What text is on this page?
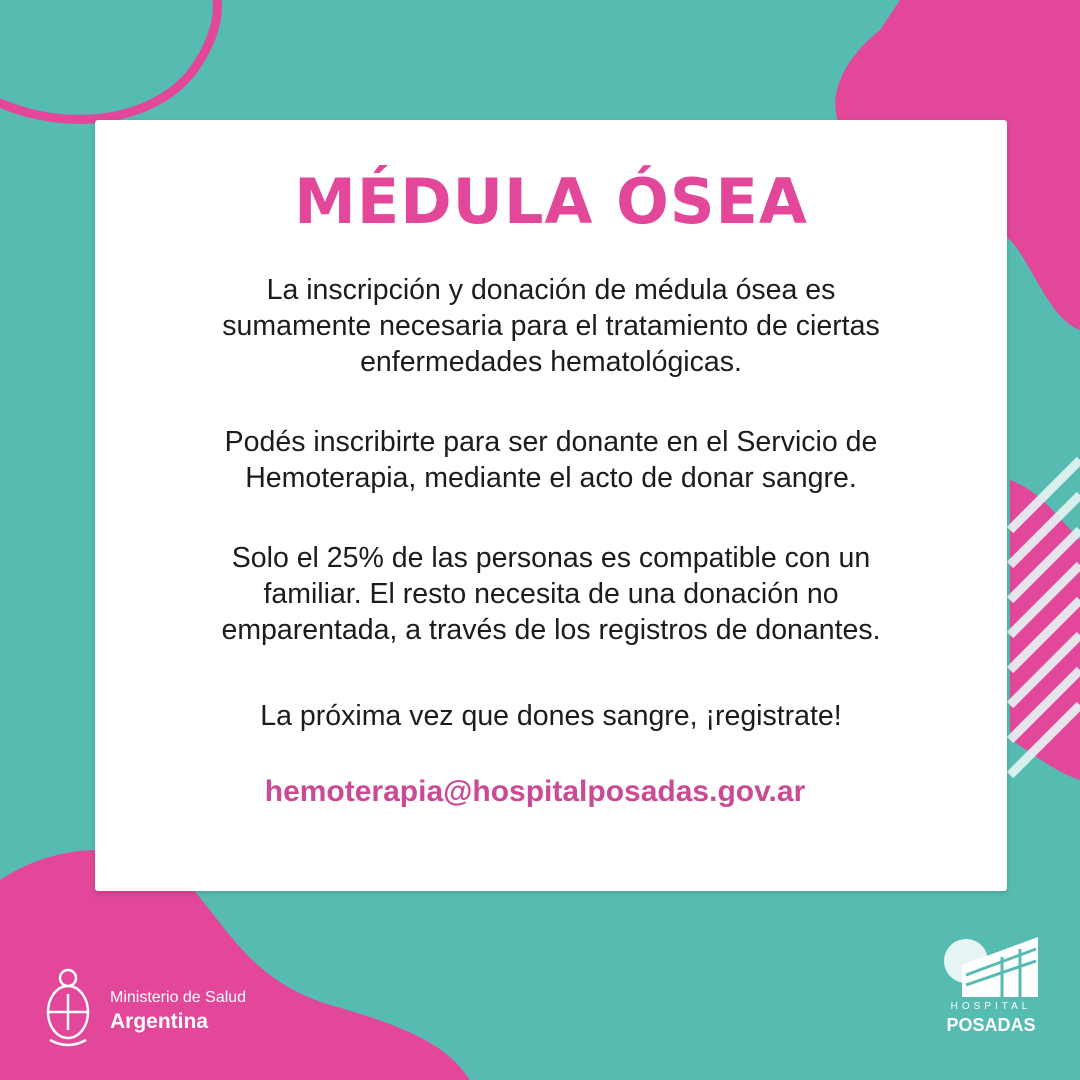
MÉDULA ÓSEA

La inscripción y donación de médula ósea es
sumamente necesaria para el tratamiento de ciertas
enfermedades hematológicas.

Podés inscribirte para ser donante en el Servicio de
Hemoterapia, mediante el acto de donar sangre.

Solo el 25% de las personas es compatible con un
familiar. El resto necesita de una donación no
emparentada, a través de los registros de donantes.

La próxima vez que dones sangre, ¡registrate!

hemoterapia@hospitalposadas.gov.ar

Ministerio de Salud
Argentina
HOSPITAL
POSADAS
